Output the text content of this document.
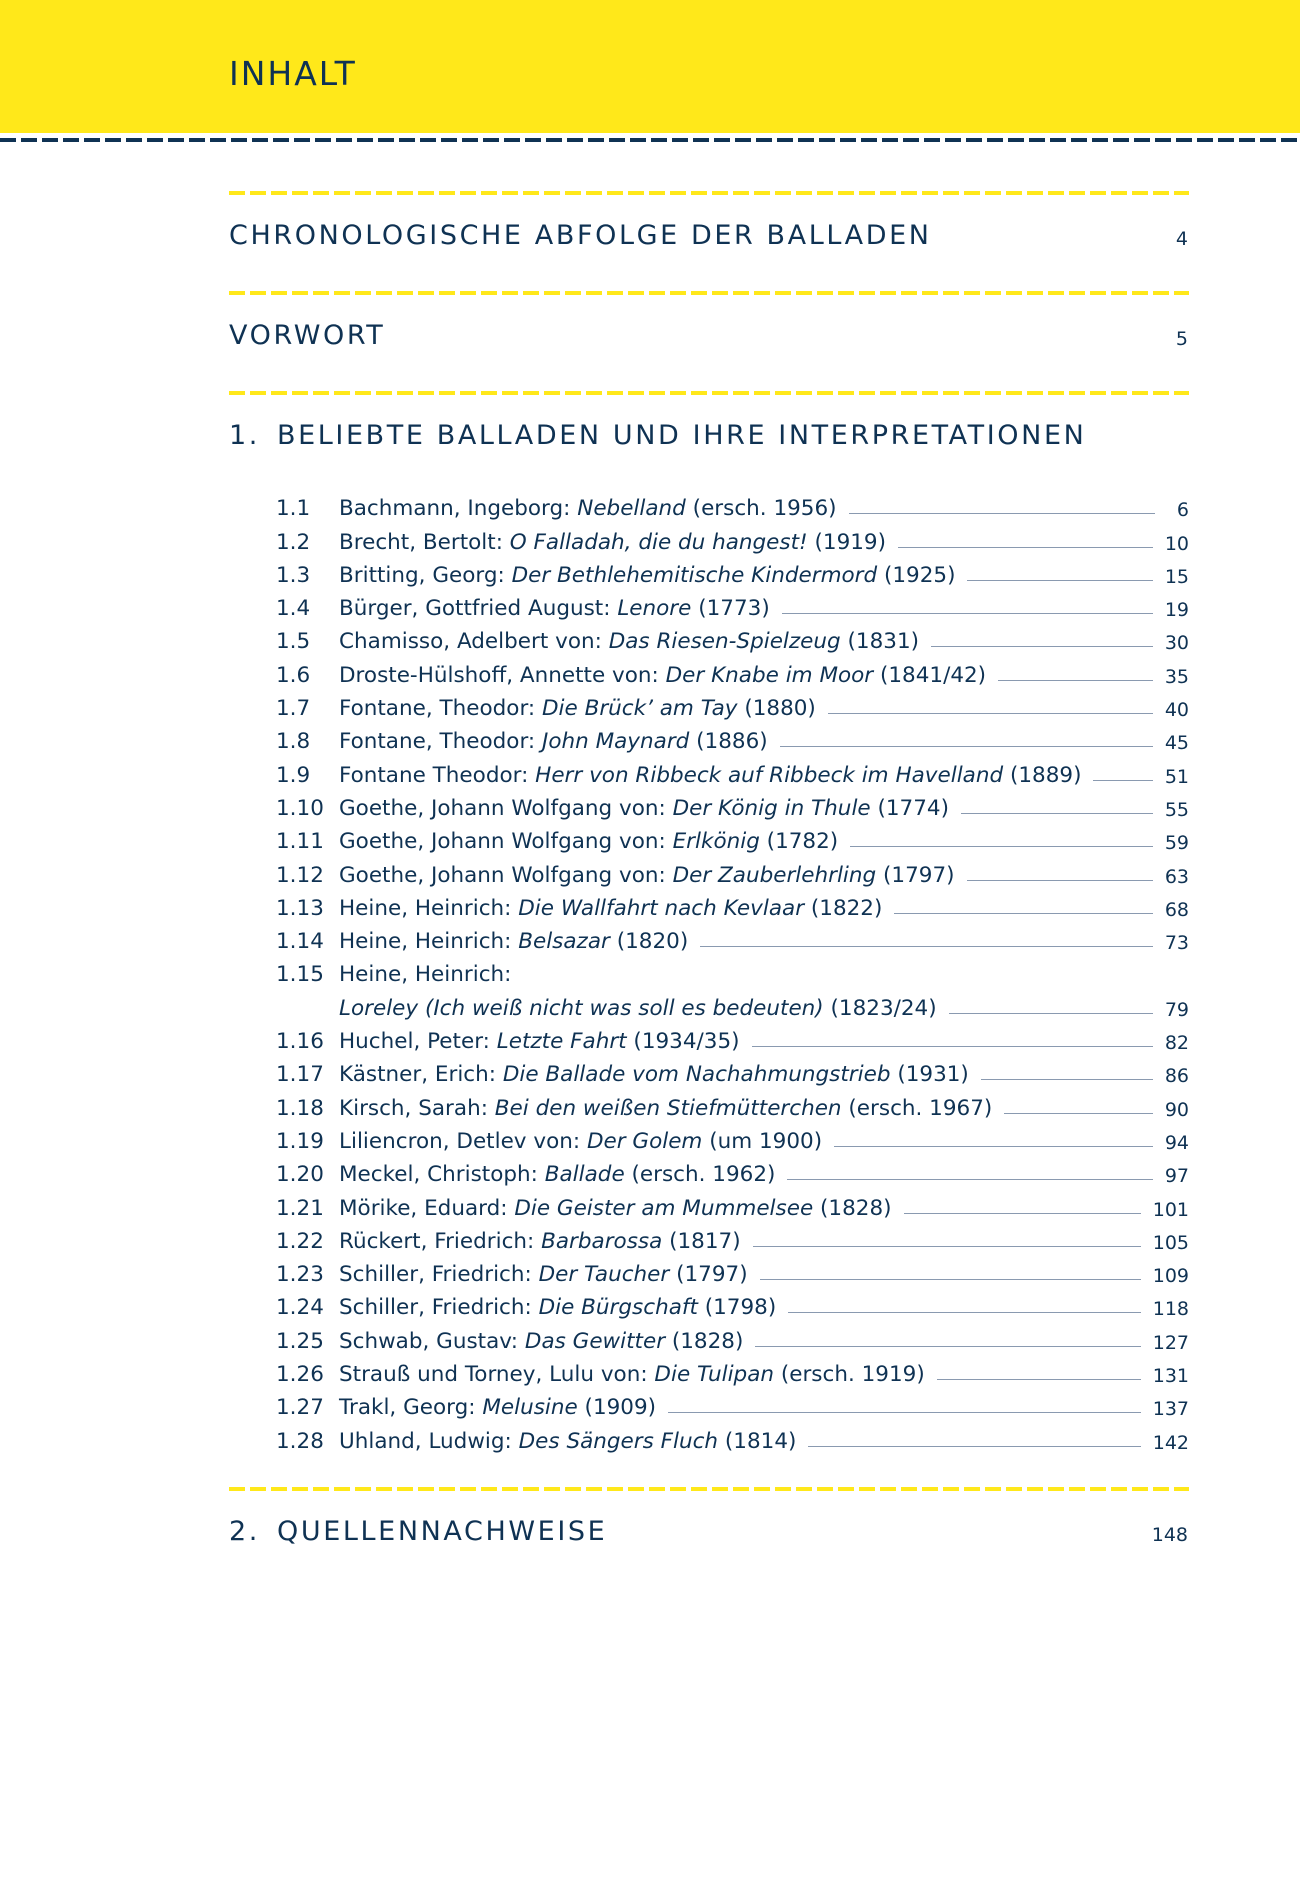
INHALT
CHRONOLOGISCHE ABFOLGE DER BALLADEN	4
VORWORT	5
1. BELIEBTE BALLADEN UND IHRE INTERPRETATIONEN
1.1	Bachmann, Ingeborg: Nebelland (ersch. 1956)	6
1.2	Brecht, Bertolt: O Falladah, die du hangest! (1919)	10
1.3	Britting, Georg: Der Bethlehemitische Kindermord (1925)	15
1.4	Bürger, Gottfried August: Lenore (1773)	19
1.5	Chamisso, Adelbert von: Das Riesen-Spielzeug (1831)	30
1.6	Droste-Hülshoff, Annette von: Der Knabe im Moor (1841/42)	35
1.7	Fontane, Theodor: Die Brück’ am Tay (1880)	40
1.8	Fontane, Theodor: John Maynard (1886)	45
1.9	Fontane Theodor: Herr von Ribbeck auf Ribbeck im Havelland (1889)	51
1.10 Goethe, Johann Wolfgang von: Der König in Thule (1774)	55
1.11 Goethe, Johann Wolfgang von: Erlkönig (1782)	59
1.12 Goethe, Johann Wolfgang von: Der Zauberlehrling (1797)	63
1.13 Heine, Heinrich: Die Wallfahrt nach Kevlaar (1822)	68
1.14 Heine, Heinrich: Belsazar (1820)	73
1.15 Heine, Heinrich:
Loreley (Ich weiß nicht was soll es bedeuten) (1823/24)	79
1.16 Huchel, Peter: Letzte Fahrt (1934/35)	82
1.17 Kästner, Erich: Die Ballade vom Nachahmungstrieb (1931)	86
1.18 Kirsch, Sarah: Bei den weißen Stiefmütterchen (ersch. 1967)	90
1.19 Liliencron, Detlev von: Der Golem (um 1900)	94
1.20 Meckel, Christoph: Ballade (ersch. 1962)	97
1.21 Mörike, Eduard: Die Geister am Mummelsee (1828)	101
1.22 Rückert, Friedrich: Barbarossa (1817)	105
1.23 Schiller, Friedrich: Der Taucher (1797)	109
1.24 Schiller, Friedrich: Die Bürgschaft (1798)	118
1.25 Schwab, Gustav: Das Gewitter (1828)	127
1.26 Strauß und Torney, Lulu von: Die Tulipan (ersch. 1919)	131
1.27 Trakl, Georg: Melusine (1909)	137
1.28 Uhland, Ludwig: Des Sängers Fluch (1814)	142
2. QUELLENNACHWEISE	148
